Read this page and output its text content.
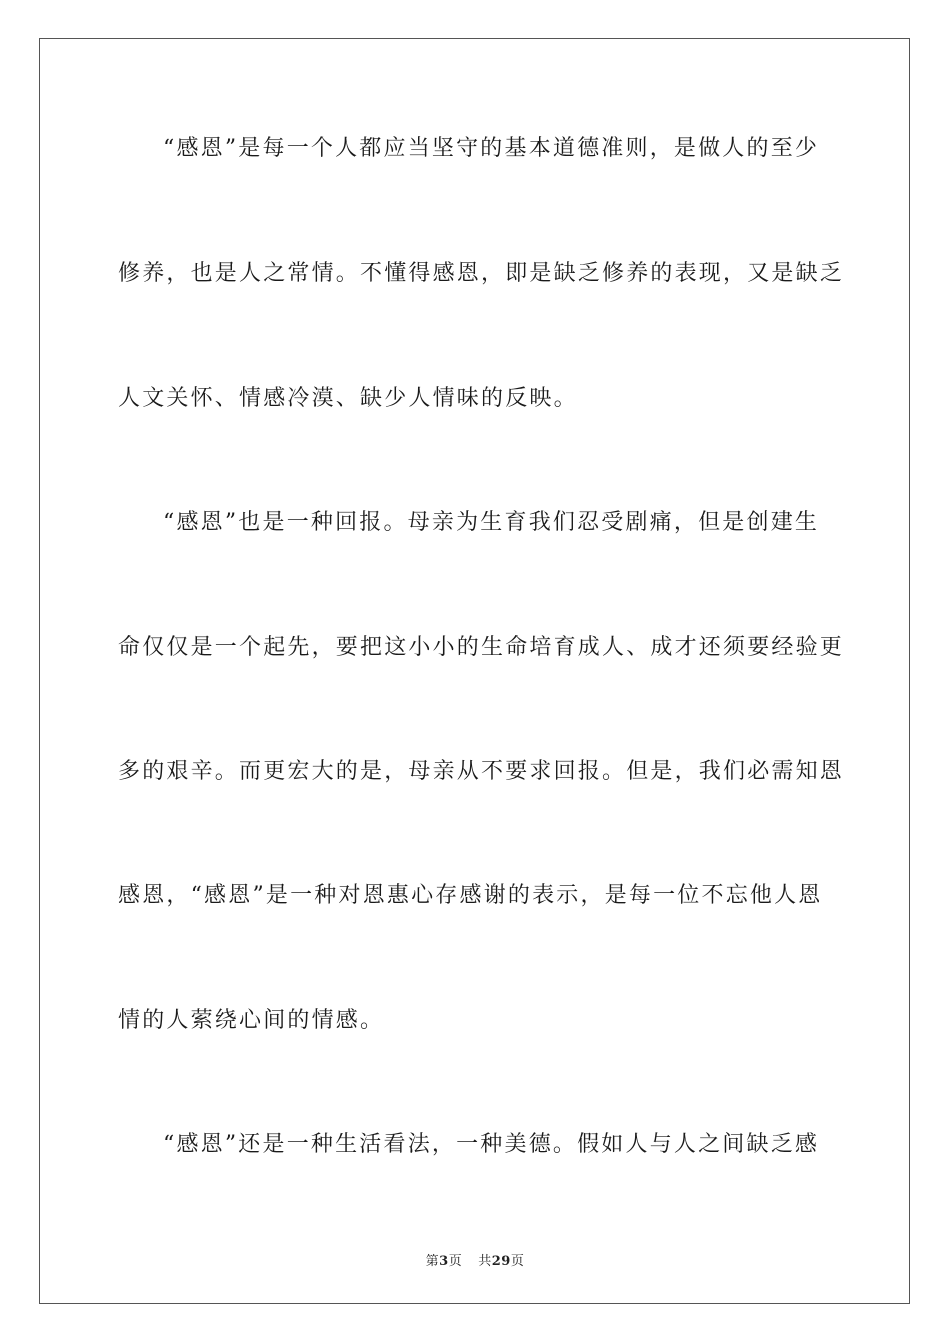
“感恩”是每一个人都应当坚守的基本道德准则，是做人的至少
修养，也是人之常情。不懂得感恩，即是缺乏修养的表现，又是缺乏
人文关怀、情感冷漠、缺少人情味的反映。
“感恩”也是一种回报。母亲为生育我们忍受剧痛，但是创建生
命仅仅是一个起先，要把这小小的生命培育成人、成才还须要经验更
多的艰辛。而更宏大的是，母亲从不要求回报。但是，我们必需知恩
感恩，“感恩”是一种对恩惠心存感谢的表示，是每一位不忘他人恩
情的人萦绕心间的情感。
“感恩”还是一种生活看法，一种美德。假如人与人之间缺乏感
第3页 共29页
